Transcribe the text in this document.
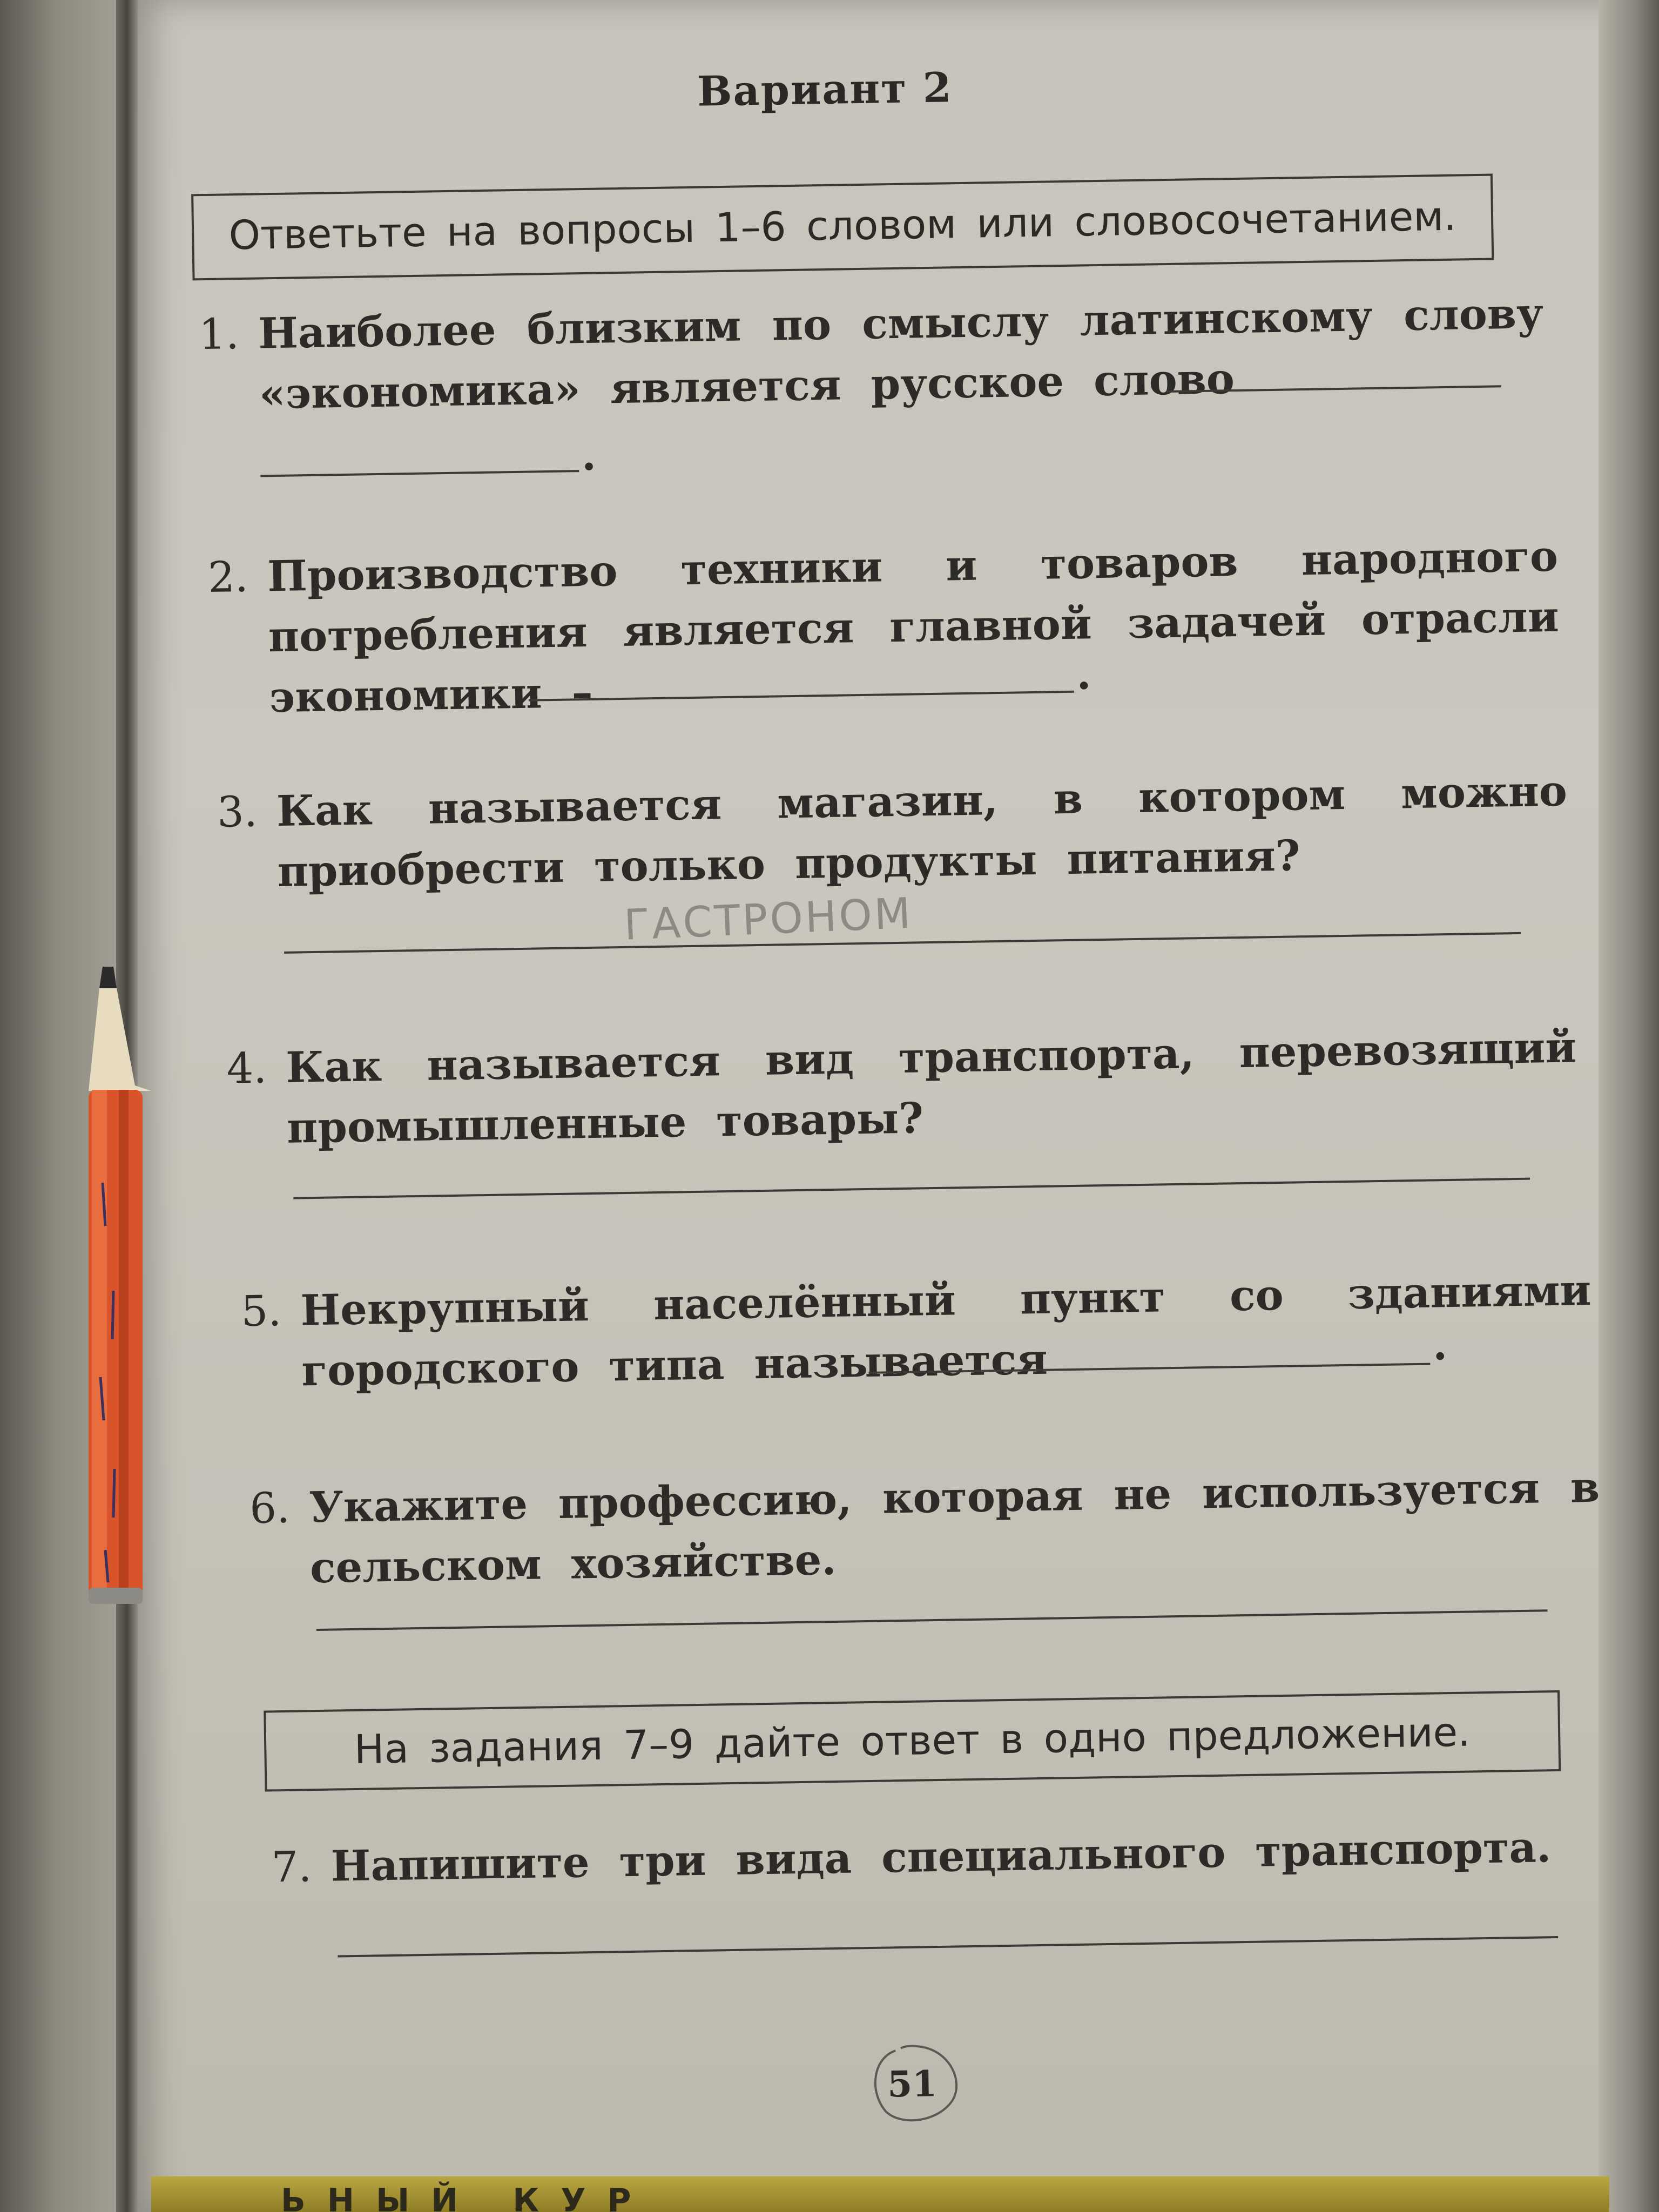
ЬНЫЙ КУР
Вариант 2
Ответьте на вопросы 1–6 словом или словосочетанием.
1. Наиболее близким по смыслу латинскому слову «экономика» является русское слово
.
2. Производство техники и товаров народного потребления является главной задачей отрасли экономики –	.
3. Как называется магазин, в котором можно приобрести только продукты питания?
ГАСТРОНОМ
4. Как называется вид транспорта, перевозящий промышленные товары?
5. Некрупный населённый пункт со зданиями городского типа называется	.
6. Укажите профессию, которая не используется в сельском хозяйстве.
На задания 7–9 дайте ответ в одно предложение.
7. Напишите три вида специального транспорта.
51
